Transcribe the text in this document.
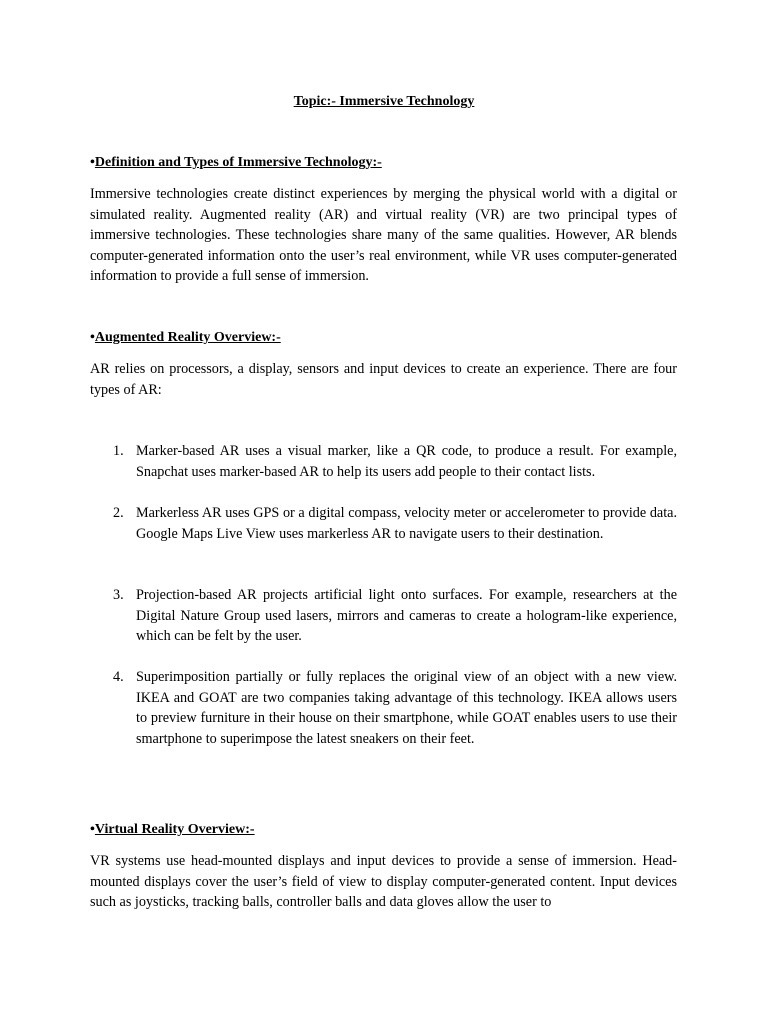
Topic:- Immersive Technology
•Definition and Types of Immersive Technology:-
Immersive technologies create distinct experiences by merging the physical world with a digital or simulated reality. Augmented reality (AR) and virtual reality (VR) are two principal types of immersive technologies. These technologies share many of the same qualities. However, AR blends computer-generated information onto the user’s real environment, while VR uses computer-generated information to provide a full sense of immersion.
•Augmented Reality Overview:-
AR relies on processors, a display, sensors and input devices to create an experience. There are four types of AR:
1. Marker-based AR uses a visual marker, like a QR code, to produce a result. For example, Snapchat uses marker-based AR to help its users add people to their contact lists.
2. Markerless AR uses GPS or a digital compass, velocity meter or accelerometer to provide data. Google Maps Live View uses markerless AR to navigate users to their destination.
3. Projection-based AR projects artificial light onto surfaces. For example, researchers at the Digital Nature Group used lasers, mirrors and cameras to create a hologram-like experience, which can be felt by the user.
4. Superimposition partially or fully replaces the original view of an object with a new view. IKEA and GOAT are two companies taking advantage of this technology. IKEA allows users to preview furniture in their house on their smartphone, while GOAT enables users to use their smartphone to superimpose the latest sneakers on their feet.
•Virtual Reality Overview:-
VR systems use head-mounted displays and input devices to provide a sense of immersion. Head-mounted displays cover the user’s field of view to display computer-generated content. Input devices such as joysticks, tracking balls, controller balls and data gloves allow the user to
